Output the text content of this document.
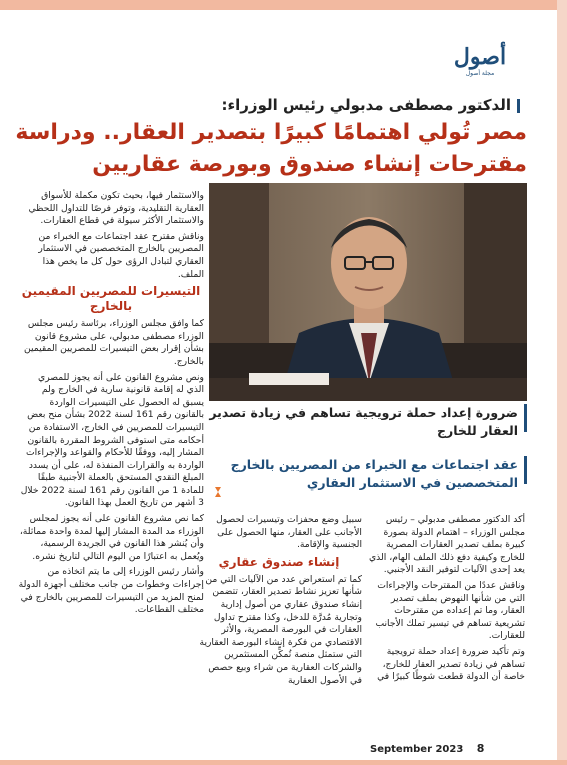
أصول
مجلة أصول
الدكتور مصطفى مدبولي رئيس الوزراء:
مصر تُولي اهتمامًا كبيرًا بتصدير العقار.. ودراسة
مقترحات إنشاء صندوق وبورصة عقاريين
ضرورة إعداد حملة ترويجية تساهم في زيادة تصدير العقار للخارج
عقد اجتماعات مع الخبراء من المصريين بالخارج المتخصصين في الاستثمار العقاري

والاستثمار فيها، بحيث تكون مكملة للأسواق العقارية التقليدية، وتوفر فرصًا للتداول اللحظي والاستثمار الأكثر سيولة في قطاع العقارات.

وناقش مقترح عقد اجتماعات مع الخبراء من المصريين بالخارج المتخصصين في الاستثمار العقاري لتبادل الرؤى حول كل ما يخص هذا الملف.

التيسيرات للمصريين المقيمين بالخارج

كما وافق مجلس الوزراء، برئاسة رئيس مجلس الوزراء مصطفى مدبولي، على مشروع قانون بشأن إقرار بعض التيسيرات للمصريين المقيمين بالخارج.

ونص مشروع القانون على أنه يجوز للمصري الذي له إقامة قانونية سارية في الخارج ولم يسبق له الحصول على التيسيرات الواردة بالقانون رقم 161 لسنة 2022 بشأن منح بعض التيسيرات للمصريين في الخارج، الاستفادة من أحكامه متى استوفى الشروط المقررة بالقانون المشار إليه، ووفقًا للأحكام والقواعد والإجراءات الواردة به والقرارات المنفذة له، على أن يسدد المبلغ النقدي المستحق بالعملة الأجنبية طبقًا للمادة 1 من القانون رقم 161 لسنة 2022 خلال 3 أشهر من تاريخ العمل بهذا القانون.

كما نص مشروع القانون على أنه يجوز لمجلس الوزراء مد المدة المشار إليها لمدة واحدة مماثلة، وأن يُنشر هذا القانون في الجريدة الرسمية، ويُعمل به اعتبارًا من اليوم التالي لتاريخ نشره.

وأشار رئيس الوزراء إلى ما يتم اتخاذه من إجراءات وخطوات من جانب مختلف أجهزة الدولة لمنح المزيد من التيسيرات للمصريين بالخارج في مختلف القطاعات.

سبيل وضع محفزات وتيسيرات لحصول الأجانب على العقار، منها الحصول على الجنسية والإقامة.

إنشاء صندوق عقاري

كما تم استعراض عدد من الآليات التي من شأنها تعزيز نشاط تصدير العقار، تتضمن إنشاء صندوق عقاري من أصول إدارية وتجارية مُدرَّة للدخل، وكذا مقترح تداول العقارات في البورصة المصرية، والأثر الاقتصادي من فكرة إنشاء البورصة العقارية التي ستمثل منصة تُمكِّن المستثمرين والشركات العقارية من شراء وبيع حصص في الأصول العقارية

أكد الدكتور مصطفى مدبولي – رئيس مجلس الوزراء – اهتمام الدولة بصورة كبيرة بملف تصدير العقارات المصرية للخارج وكيفية دفع ذلك الملف الهام، الذي يعد إحدى الآليات لتوفير النقد الأجنبي.

وناقش عددًا من المقترحات والإجراءات التي من شأنها النهوض بملف تصدير العقار، وما تم إعداده من مقترحات تشريعية تساهم في تيسير تملك الأجانب للعقارات.

وتم تأكيد ضرورة إعداد حملة ترويجية تساهم في زيادة تصدير العقار للخارج، خاصة أن الدولة قطعت شوطًا كبيرًا في

September 2023 8
